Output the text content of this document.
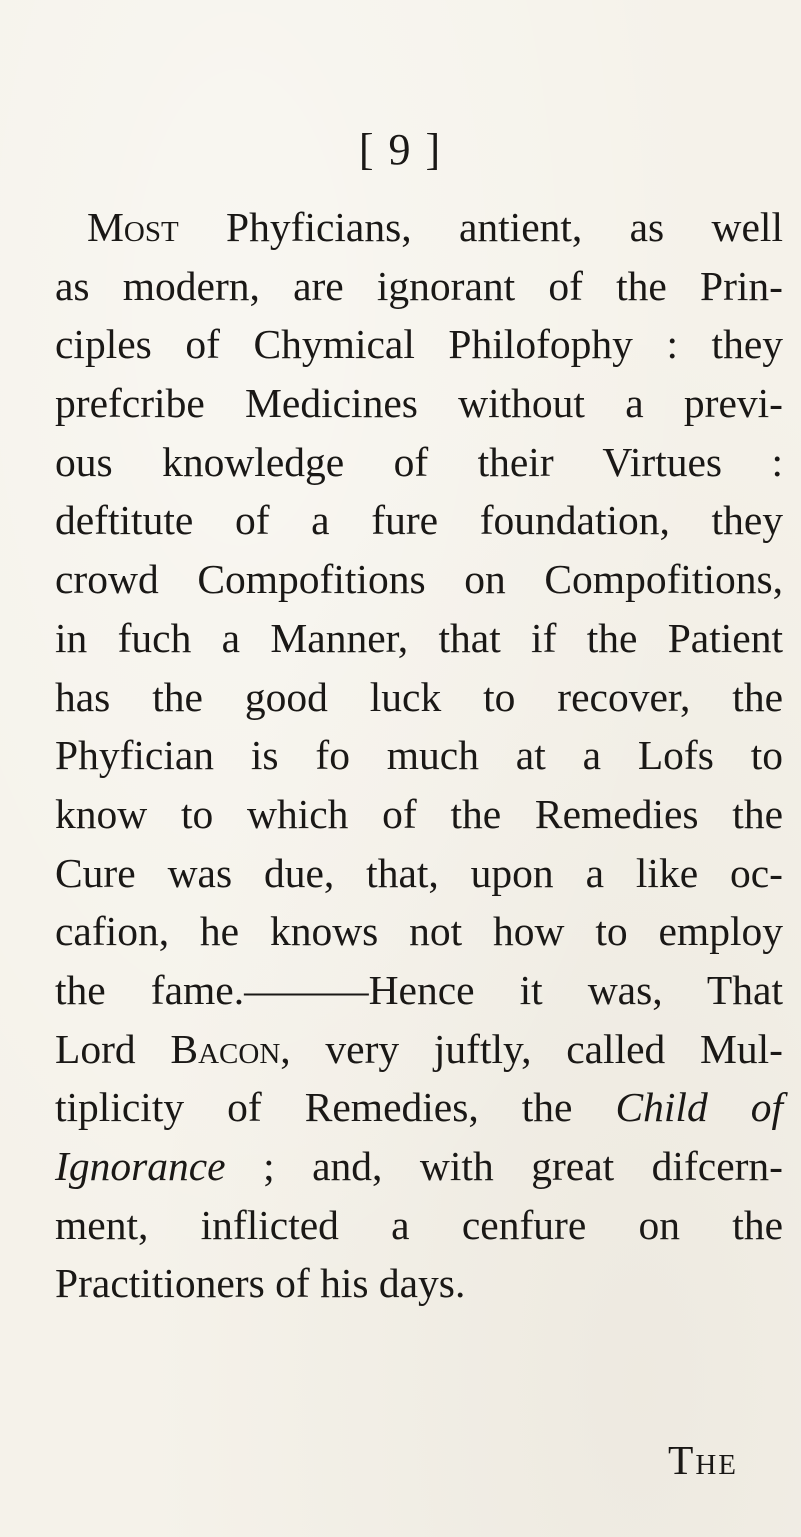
[ 9 ]
Most Phyficians, antient, as well
as modern, are ignorant of the Prin-
ciples of Chymical Philofophy : they
prefcribe Medicines without a previ-
ous knowledge of their Virtues :
deftitute of a fure foundation, they
crowd Compofitions on Compofitions,
in fuch a Manner, that if the Patient
has the good luck to recover, the
Phyfician is fo much at a Lofs to
know to which of the Remedies the
Cure was due, that, upon a like oc-
cafion, he knows not how to employ
the fame.———Hence it was, That
Lord Bacon, very juftly, called Mul-
tiplicity of Remedies, the Child of
Ignorance ; and, with great difcern-
ment, inflicted a cenfure on the
Practitioners of his days.
The
